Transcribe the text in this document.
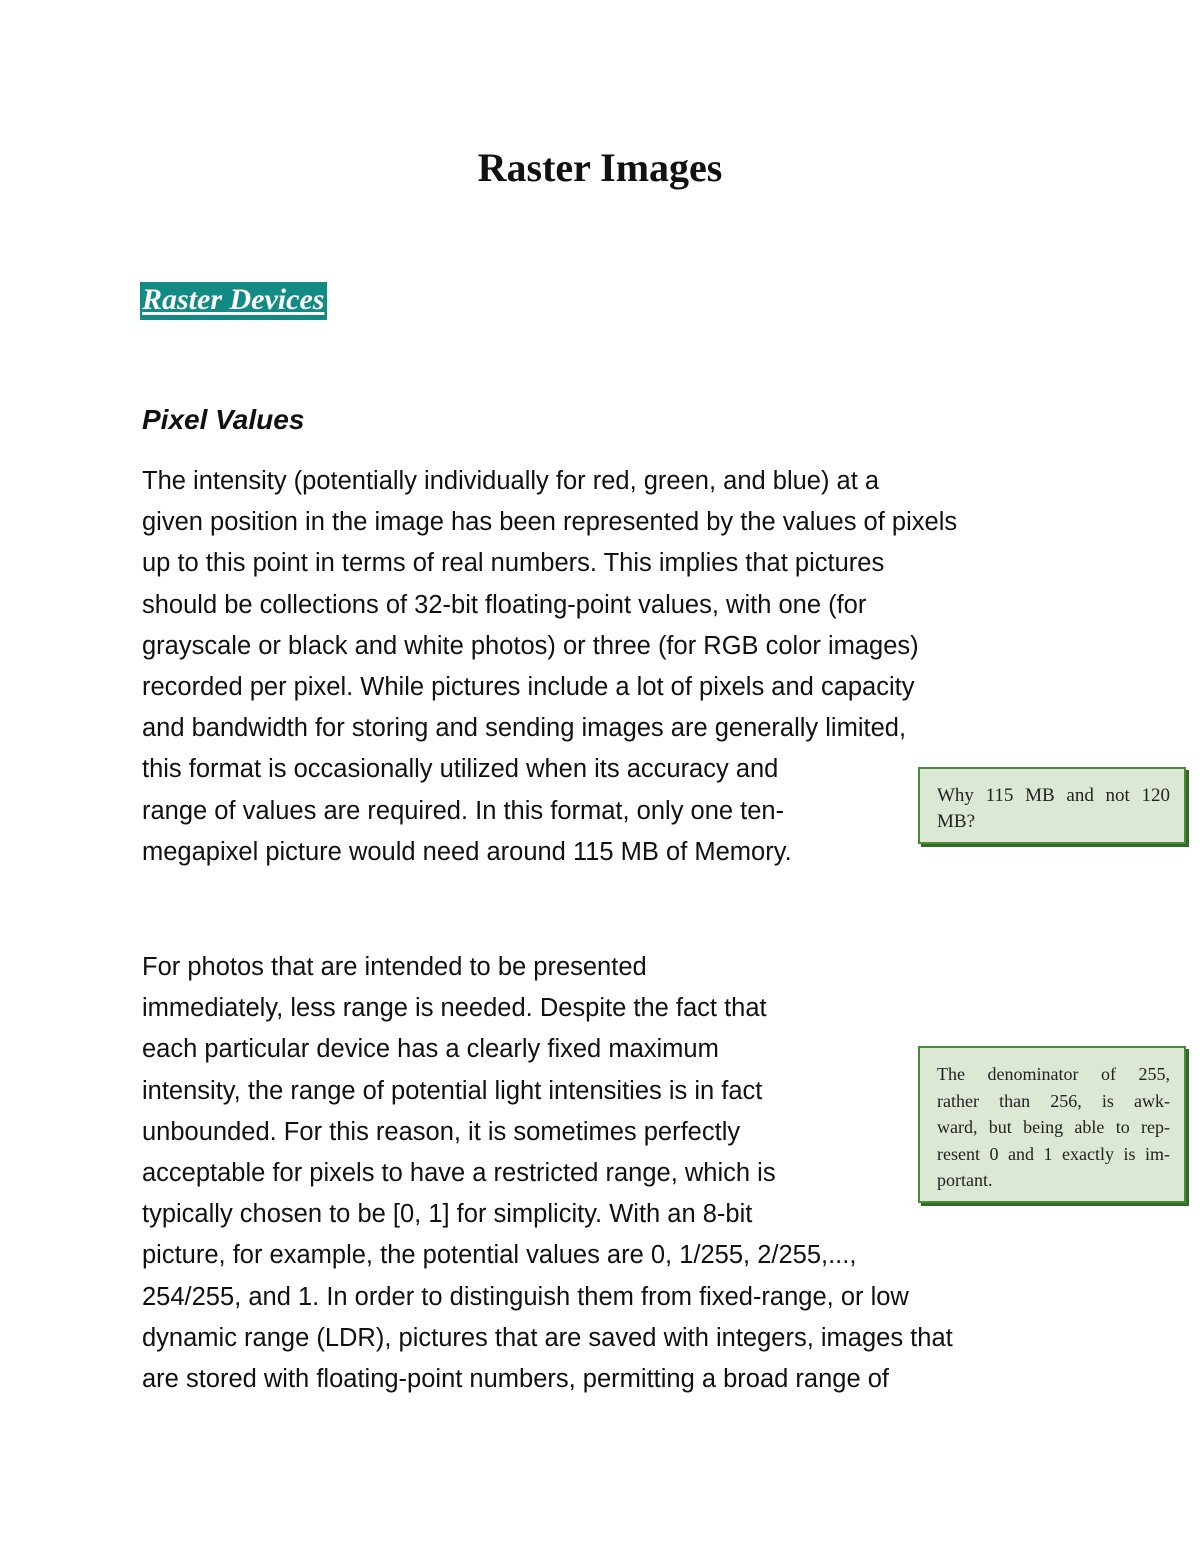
Raster Images
Raster Devices
Pixel Values

The intensity (potentially individually for red, green, and blue) at a
given position in the image has been represented by the values of pixels
up to this point in terms of real numbers. This implies that pictures
should be collections of 32-bit floating-point values, with one (for
grayscale or black and white photos) or three (for RGB color images)
recorded per pixel. While pictures include a lot of pixels and capacity
and bandwidth for storing and sending images are generally limited,
this format is occasionally utilized when its accuracy and
range of values are required. In this format, only one ten-
megapixel picture would need around 115 MB of Memory.

Why 115 MB and not 120
MB?

For photos that are intended to be presented
immediately, less range is needed. Despite the fact that
each particular device has a clearly fixed maximum
intensity, the range of potential light intensities is in fact
unbounded. For this reason, it is sometimes perfectly
acceptable for pixels to have a restricted range, which is
typically chosen to be [0, 1] for simplicity. With an 8-bit
picture, for example, the potential values are 0, 1/255, 2/255,...,
254/255, and 1. In order to distinguish them from fixed-range, or low
dynamic range (LDR), pictures that are saved with integers, images that
are stored with floating-point numbers, permitting a broad range of

The denominator of 255,
rather than 256, is awk-
ward, but being able to rep-
resent 0 and 1 exactly is im-
portant.
